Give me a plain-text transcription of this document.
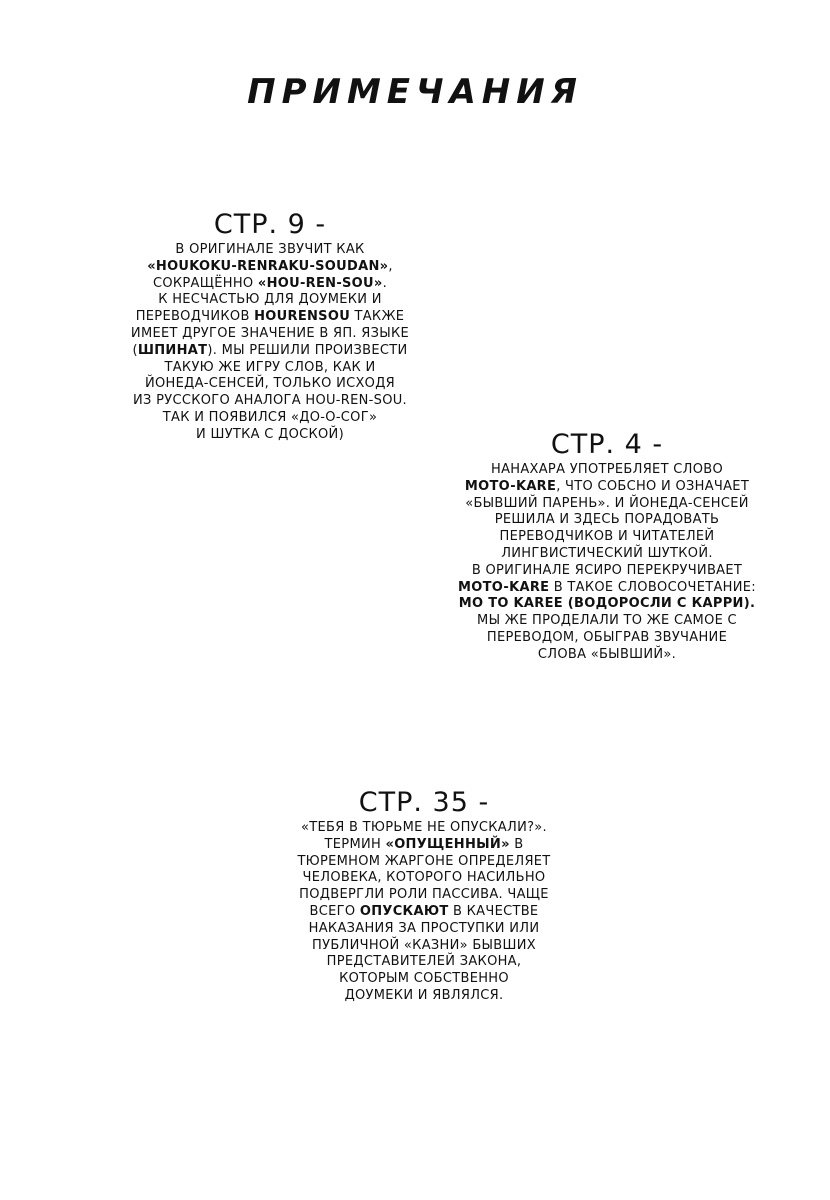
ПРИМЕЧАНИЯ
СТР. 9 -
В ОРИГИНАЛЕ ЗВУЧИТ КАК
«HOUKOKU-RENRAKU-SOUDAN»,
СОКРАЩЁННО «HOU-REN-SOU».
К НЕСЧАСТЬЮ ДЛЯ ДОУМЕКИ И
ПЕРЕВОДЧИКОВ HOURENSOU ТАКЖЕ
ИМЕЕТ ДРУГОЕ ЗНАЧЕНИЕ В ЯП. ЯЗЫКЕ
(ШПИНАТ). МЫ РЕШИЛИ ПРОИЗВЕСТИ
ТАКУЮ ЖЕ ИГРУ СЛОВ, КАК И
ЙОНЕДА-СЕНСЕЙ, ТОЛЬКО ИСХОДЯ
ИЗ РУССКОГО АНАЛОГА HOU-REN-SOU.
ТАК И ПОЯВИЛСЯ «ДО-О-СОГ»
И ШУТКА С ДОСКОЙ)	СТР. 4 -
НАНАХАРА УПОТРЕБЛЯЕТ СЛОВО
MOTO-KARE, ЧТО СОБСНО И ОЗНАЧАЕТ
«БЫВШИЙ ПАРЕНЬ». И ЙОНЕДА-СЕНСЕЙ
РЕШИЛА И ЗДЕСЬ ПОРАДОВАТЬ
ПЕРЕВОДЧИКОВ И ЧИТАТЕЛЕЙ
ЛИНГВИСТИЧЕСКИЙ ШУТКОЙ.
В ОРИГИНАЛЕ ЯСИРО ПЕРЕКРУЧИВАЕТ
MOTO-KARE В ТАКОЕ СЛОВОСОЧЕТАНИЕ:
MO TO KAREE (ВОДОРОСЛИ С КАРРИ).
МЫ ЖЕ ПРОДЕЛАЛИ ТО ЖЕ САМОЕ С
ПЕРЕВОДОМ, ОБЫГРАВ ЗВУЧАНИЕ
СЛОВА «БЫВШИЙ».
СТР. 35 -
«ТЕБЯ В ТЮРЬМЕ НЕ ОПУСКАЛИ?».
ТЕРМИН «ОПУЩЕННЫЙ» В
ТЮРЕМНОМ ЖАРГОНЕ ОПРЕДЕЛЯЕТ
ЧЕЛОВЕКА, КОТОРОГО НАСИЛЬНО
ПОДВЕРГЛИ РОЛИ ПАССИВА. ЧАЩЕ
ВСЕГО ОПУСКАЮТ В КАЧЕСТВЕ
НАКАЗАНИЯ ЗА ПРОСТУПКИ ИЛИ
ПУБЛИЧНОЙ «КАЗНИ» БЫВШИХ
ПРЕДСТАВИТЕЛЕЙ ЗАКОНА,
КОТОРЫМ СОБСТВЕННО
ДОУМЕКИ И ЯВЛЯЛСЯ.
